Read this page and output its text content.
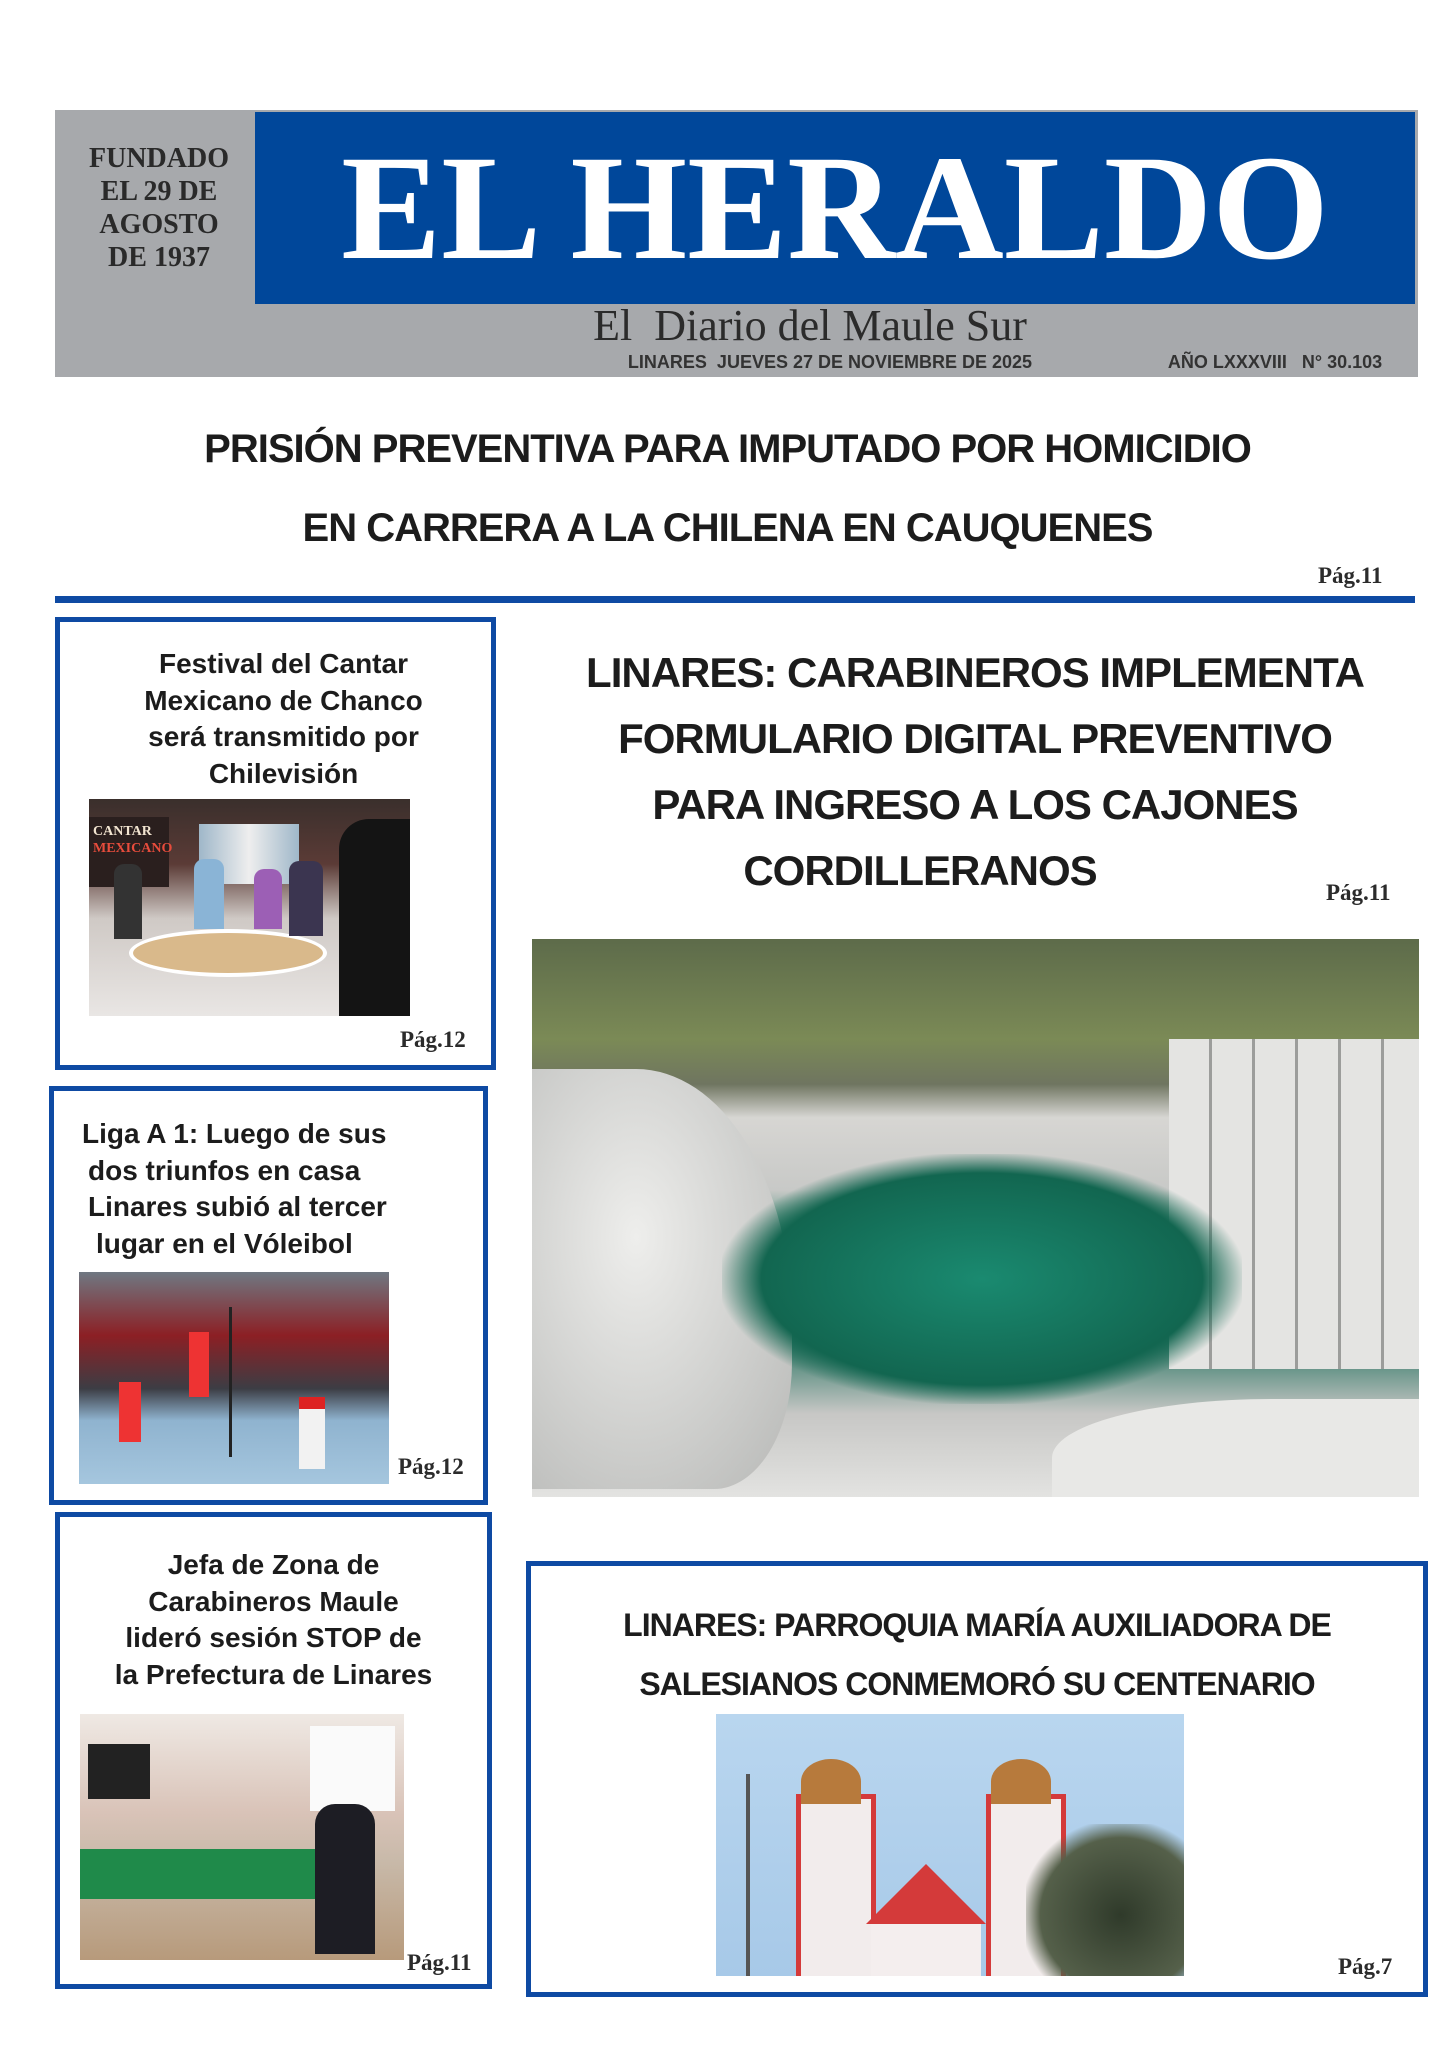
EL HERALDO
FUNDADO
EL 29 DE
AGOSTO
DE 1937
El  Diario del Maule Sur
LINARES  JUEVES 27 DE NOVIEMBRE DE 2025	AÑO LXXXVIII   N° 30.103
PRISIÓN PREVENTIVA PARA IMPUTADO POR HOMICIDIO
EN CARRERA A LA CHILENA EN CAUQUENES
Pág.11
Festival del Cantar
Mexicano de Chanco
será transmitido por
Chilevisión
CANTAR
MEXICANO
Pág.12
Liga A 1: Luego de sus
dos triunfos en casa
Linares subió al tercer
lugar en el Vóleibol
Pág.12
Jefa de Zona de
Carabineros Maule
lideró sesión STOP de
la Prefectura de Linares
Pág.11
LINARES: CARABINEROS IMPLEMENTA
FORMULARIO DIGITAL PREVENTIVO
PARA INGRESO A LOS CAJONES
CORDILLERANOS	Pág.11
LINARES: PARROQUIA MARÍA AUXILIADORA DE
SALESIANOS CONMEMORÓ SU CENTENARIO
Pág.7
